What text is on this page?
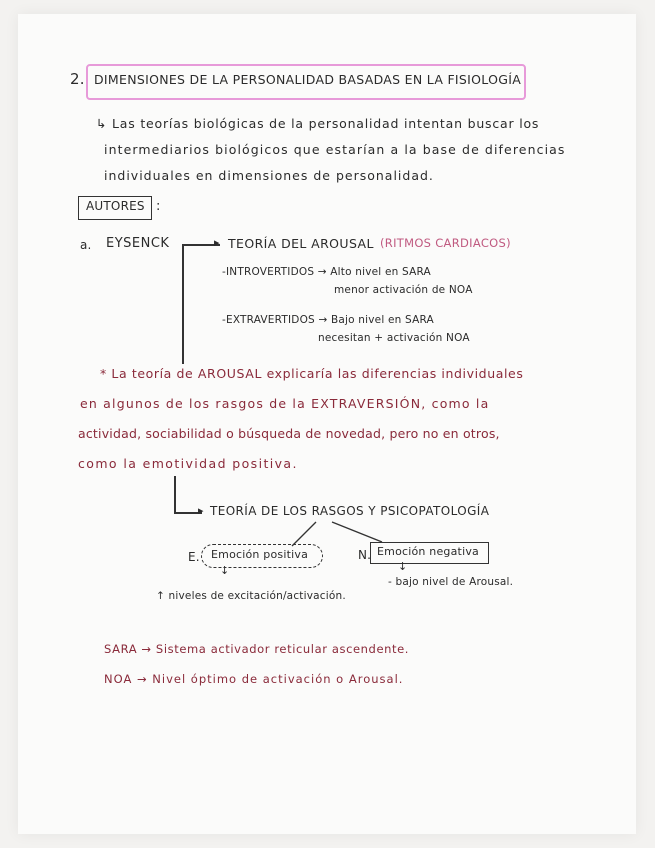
2. DIMENSIONES DE LA PERSONALIDAD BASADAS EN LA FISIOLOGÍA
↳ Las teorías biológicas de la personalidad intentan buscar los
intermediarios biológicos que estarían a la base de diferencias
individuales en dimensiones de personalidad.
AUTORES :
a. EYSENCK	▸ TEORÍA DEL AROUSAL (RITMOS CARDIACOS)
-INTROVERTIDOS → Alto nivel en SARA
menor activación de NOA
-EXTRAVERTIDOS → Bajo nivel en SARA
necesitan + activación NOA
* La teoría de AROUSAL explicaría las diferencias individuales
en algunos de los rasgos de la EXTRAVERSIÓN, como la
actividad, sociabilidad o búsqueda de novedad, pero no en otros,
como la emotividad positiva.
▸ TEORÍA DE LOS RASGOS Y PSICOPATOLOGÍA
E. Emoción positiva	N. Emoción negativa
↓	↓
↑ niveles de excitación/activación.
- bajo nivel de Arousal.
SARA → Sistema activador reticular ascendente.
NOA → Nivel óptimo de activación o Arousal.
